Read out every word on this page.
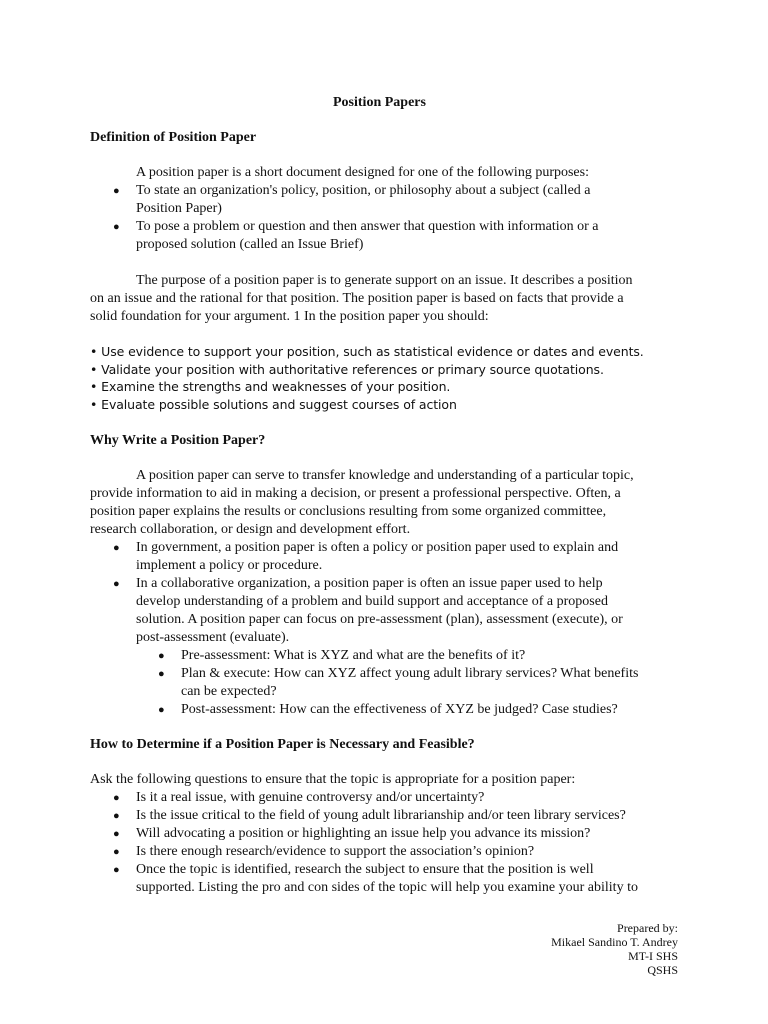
Position Papers
Definition of Position Paper
A position paper is a short document designed for one of the following purposes:
● To state an organization's policy, position, or philosophy about a subject (called a
Position Paper)
● To pose a problem or question and then answer that question with information or a
proposed solution (called an Issue Brief)
The purpose of a position paper is to generate support on an issue. It describes a position
on an issue and the rational for that position. The position paper is based on facts that provide a
solid foundation for your argument. 1 In the position paper you should:
• Use evidence to support your position, such as statistical evidence or dates and events.
• Validate your position with authoritative references or primary source quotations.
• Examine the strengths and weaknesses of your position.
• Evaluate possible solutions and suggest courses of action
Why Write a Position Paper?
A position paper can serve to transfer knowledge and understanding of a particular topic,
provide information to aid in making a decision, or present a professional perspective. Often, a
position paper explains the results or conclusions resulting from some organized committee,
research collaboration, or design and development effort.
● In government, a position paper is often a policy or position paper used to explain and
implement a policy or procedure.
● In a collaborative organization, a position paper is often an issue paper used to help
develop understanding of a problem and build support and acceptance of a proposed
solution. A position paper can focus on pre-assessment (plan), assessment (execute), or
post-assessment (evaluate).
● Pre-assessment: What is XYZ and what are the benefits of it?
● Plan & execute: How can XYZ affect young adult library services? What benefits
can be expected?
● Post-assessment: How can the effectiveness of XYZ be judged? Case studies?
How to Determine if a Position Paper is Necessary and Feasible?
Ask the following questions to ensure that the topic is appropriate for a position paper:
● Is it a real issue, with genuine controversy and/or uncertainty?
● Is the issue critical to the field of young adult librarianship and/or teen library services?
● Will advocating a position or highlighting an issue help you advance its mission?
● Is there enough research/evidence to support the association’s opinion?
● Once the topic is identified, research the subject to ensure that the position is well
supported. Listing the pro and con sides of the topic will help you examine your ability to
Prepared by:
Mikael Sandino T. Andrey
MT-I SHS
QSHS
